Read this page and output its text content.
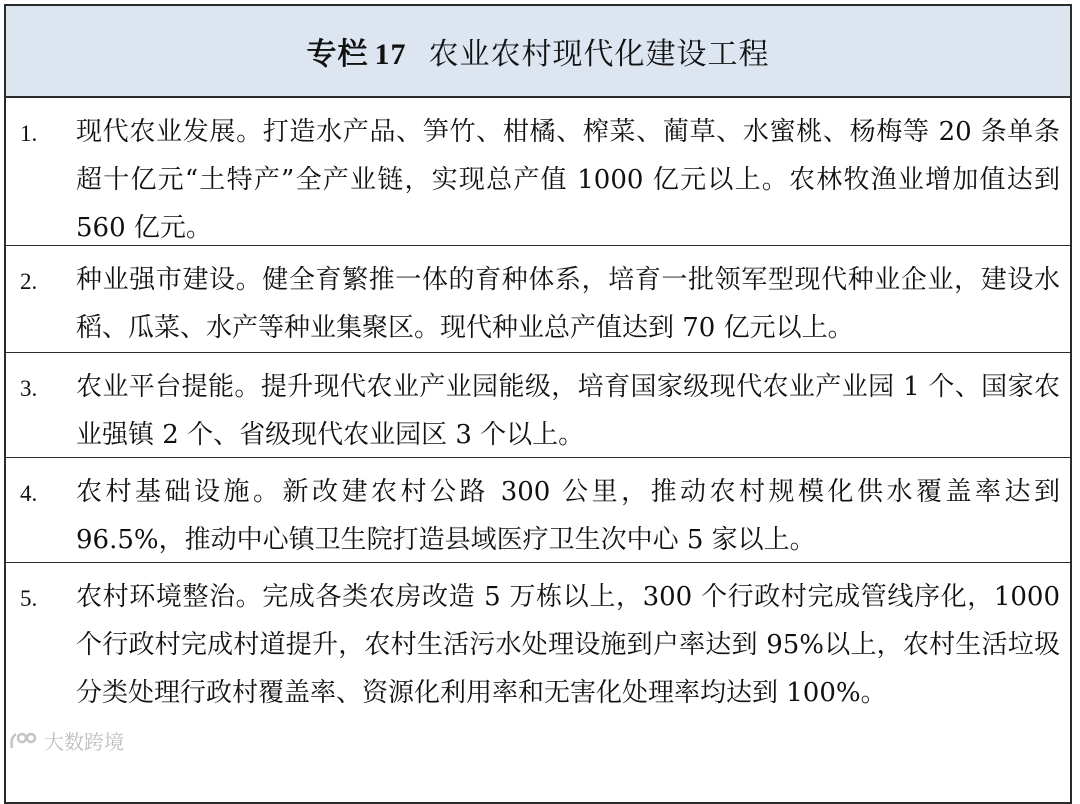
专栏 17 农业农村现代化建设工程
1.	现代农业发展。打造水产品、笋竹、柑橘、榨菜、蔺草、水蜜桃、杨梅等 20 条单条超十亿元“土特产”全产业链，实现总产值 1000 亿元以上。农林牧渔业增加值达到 560 亿元。
2.	种业强市建设。健全育繁推一体的育种体系，培育一批领军型现代种业企业，建设水稻、瓜菜、水产等种业集聚区。现代种业总产值达到 70 亿元以上。
3.	农业平台提能。提升现代农业产业园能级，培育国家级现代农业产业园 1 个、国家农业强镇 2 个、省级现代农业园区 3 个以上。
4.	农村基础设施。新改建农村公路 300 公里，推动农村规模化供水覆盖率达到 96.5%，推动中心镇卫生院打造县域医疗卫生次中心 5 家以上。
5.	农村环境整治。完成各类农房改造 5 万栋以上，300 个行政村完成管线序化，1000 个行政村完成村道提升，农村生活污水处理设施到户率达到 95%以上，农村生活垃圾分类处理行政村覆盖率、资源化利用率和无害化处理率均达到 100%。
大数跨境
